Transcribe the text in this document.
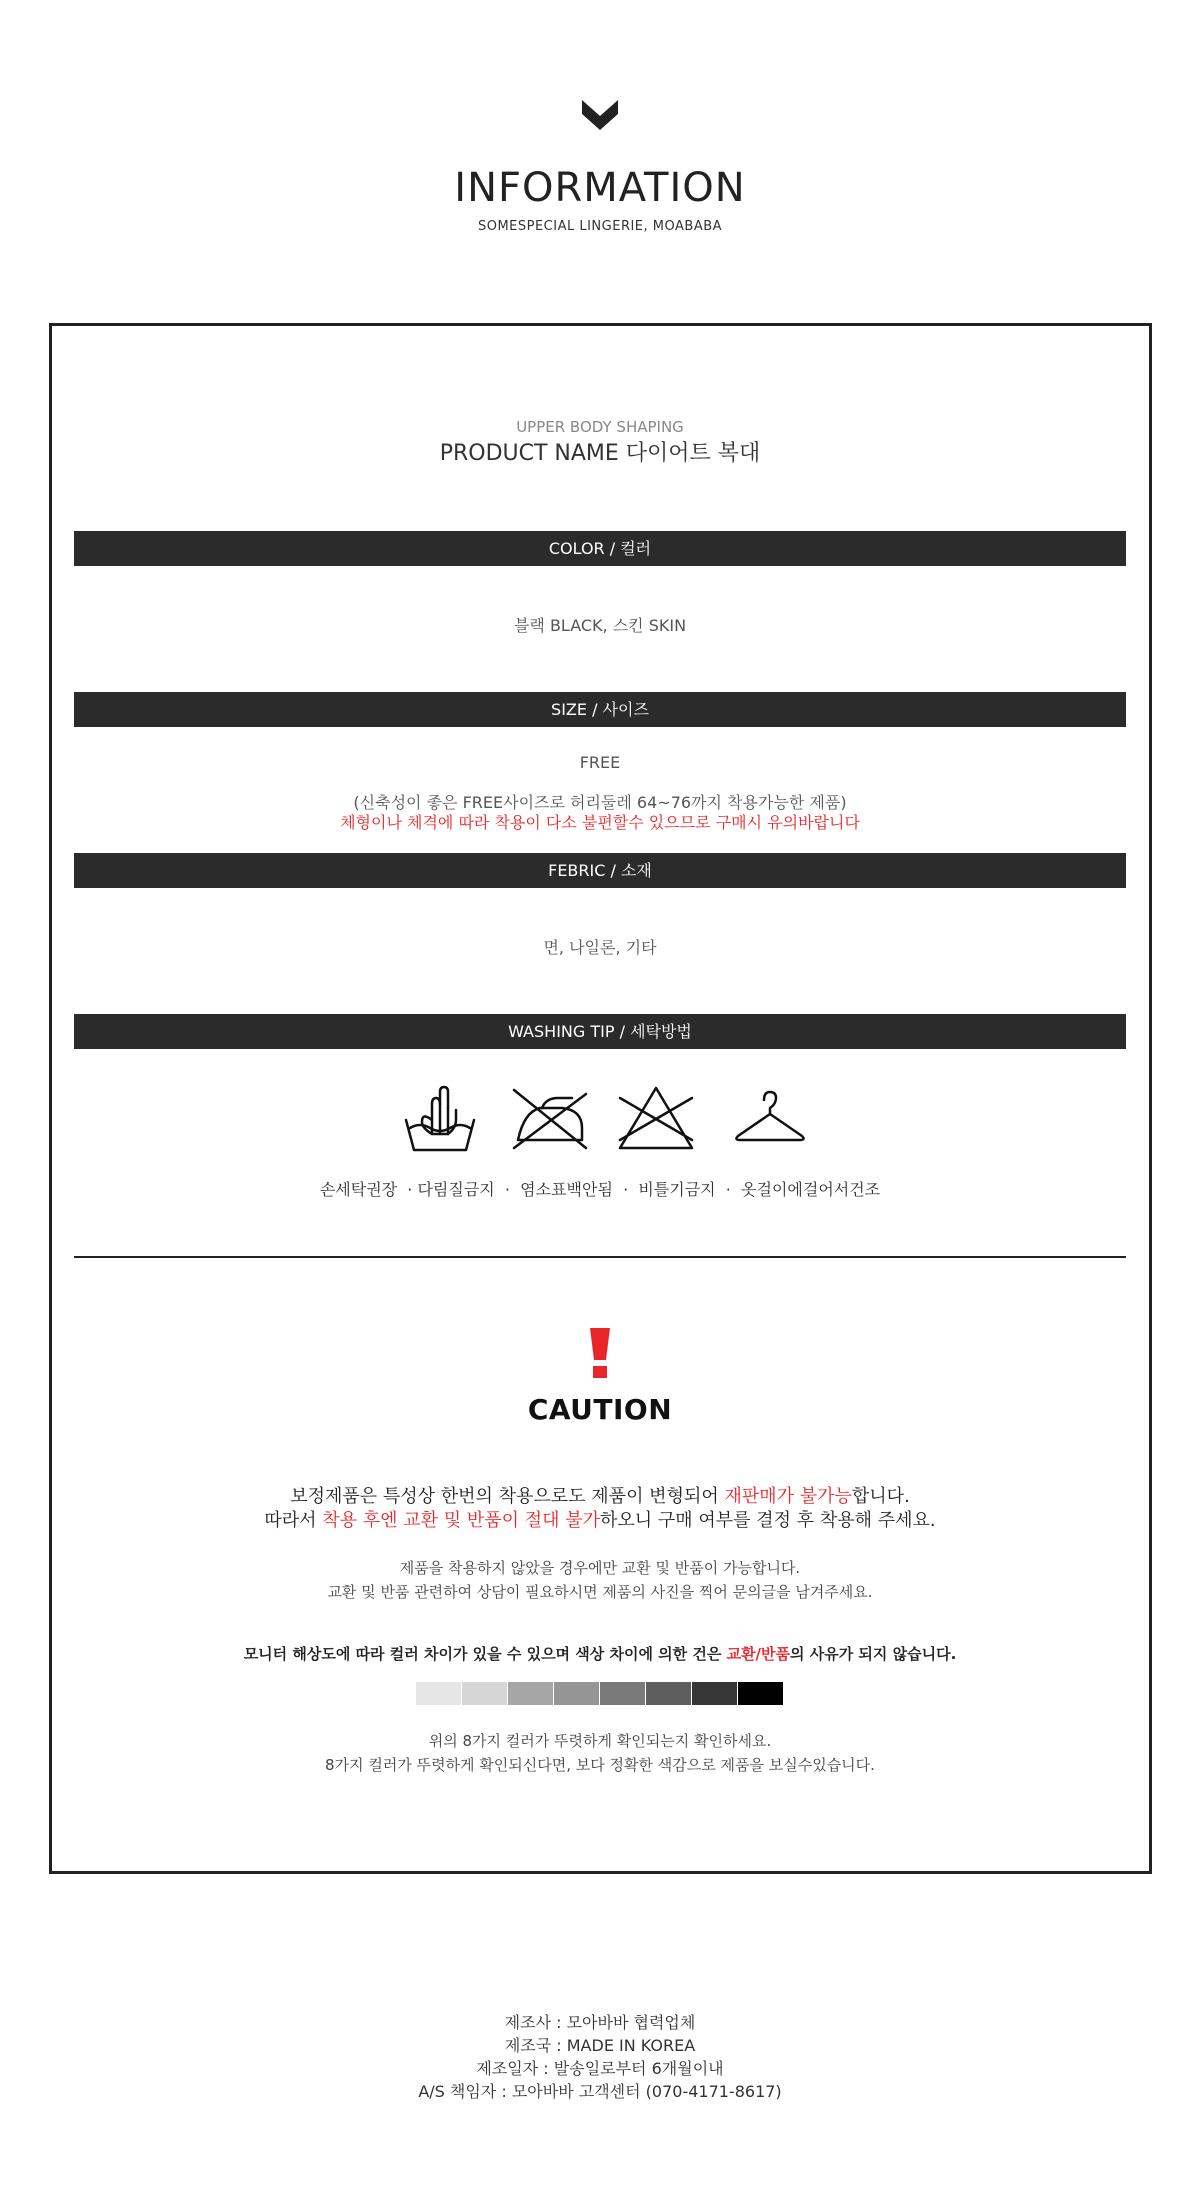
INFORMATION
SOMESPECIAL LINGERIE, MOABABA
UPPER BODY SHAPING
PRODUCT NAME 다이어트 복대
COLOR / 컬러
블랙 BLACK, 스킨 SKIN
SIZE / 사이즈
FREE
(신축성이 좋은 FREE사이즈로 허리둘레 64~76까지 착용가능한 제품)
체형이나 체격에 따라 착용이 다소 불편할수 있으므로 구매시 유의바랍니다
FEBRIC / 소재
면, 나일론, 기타
WASHING TIP / 세탁방법
손세탁권장  · 다림질금지  ·  염소표백안됨  ·  비틀기금지  ·  옷걸이에걸어서건조
CAUTION
보정제품은 특성상 한번의 착용으로도 제품이 변형되어 재판매가 불가능합니다.
따라서 착용 후엔 교환 및 반품이 절대 불가하오니 구매 여부를 결정 후 착용해 주세요.
제품을 착용하지 않았을 경우에만 교환 및 반품이 가능합니다.
교환 및 반품 관련하여 상담이 필요하시면 제품의 사진을 찍어 문의글을 남겨주세요.
모니터 해상도에 따라 컬러 차이가 있을 수 있으며 색상 차이에 의한 건은 교환/반품의 사유가 되지 않습니다.
위의 8가지 컬러가 뚜렷하게 확인되는지 확인하세요.
8가지 컬러가 뚜렷하게 확인되신다면, 보다 정확한 색감으로 제품을 보실수있습니다.
제조사 : 모아바바 협력업체
제조국 : MADE IN KOREA
제조일자 : 발송일로부터 6개월이내
A/S 책임자 : 모아바바 고객센터 (070-4171-8617)
